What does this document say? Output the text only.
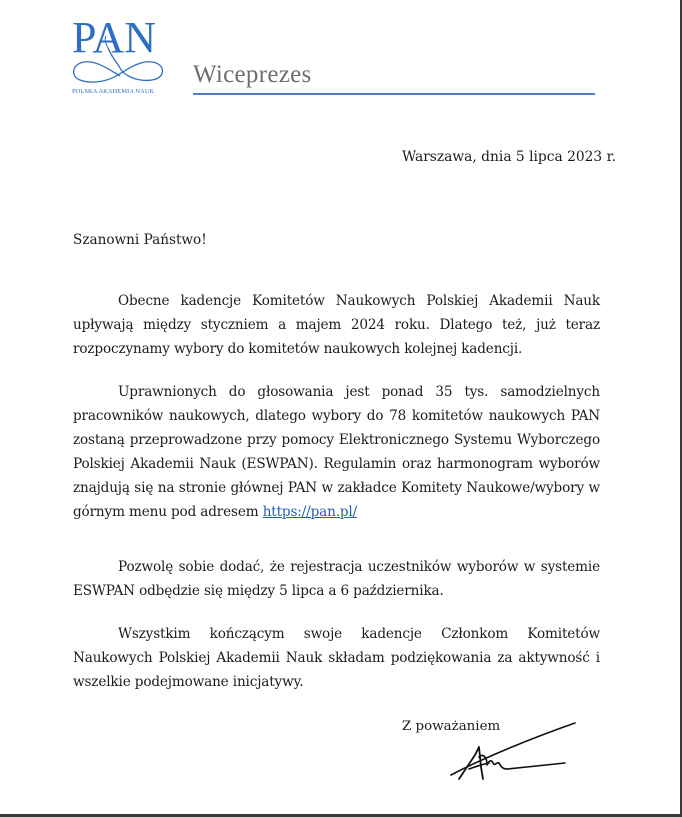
PAN
POLSKA AKADEMIA NAUK
Wiceprezes
Warszawa, dnia 5 lipca 2023 r.
Szanowni Państwo!

Obecne kadencje Komitetów Naukowych Polskiej Akademii Nauk upływają między styczniem a majem 2024 roku. Dlatego też, już teraz rozpoczynamy wybory do komitetów naukowych kolejnej kadencji.

Uprawnionych do głosowania jest ponad 35 tys. samodzielnych pracowników naukowych, dlatego wybory do 78 komitetów naukowych PAN zostaną przeprowadzone przy pomocy Elektronicznego Systemu Wyborczego Polskiej Akademii Nauk (ESWPAN). Regulamin oraz harmonogram wyborów znajdują się na stronie głównej PAN w zakładce Komitety Naukowe/wybory w górnym menu pod adresem https://pan.pl/

Pozwolę sobie dodać, że rejestracja uczestników wyborów w systemie ESWPAN odbędzie się między 5 lipca a 6 października.

Wszystkim kończącym swoje kadencje Członkom Komitetów Naukowych Polskiej Akademii Nauk składam podziękowania za aktywność i wszelkie podejmowane inicjatywy.

Z poważaniem
